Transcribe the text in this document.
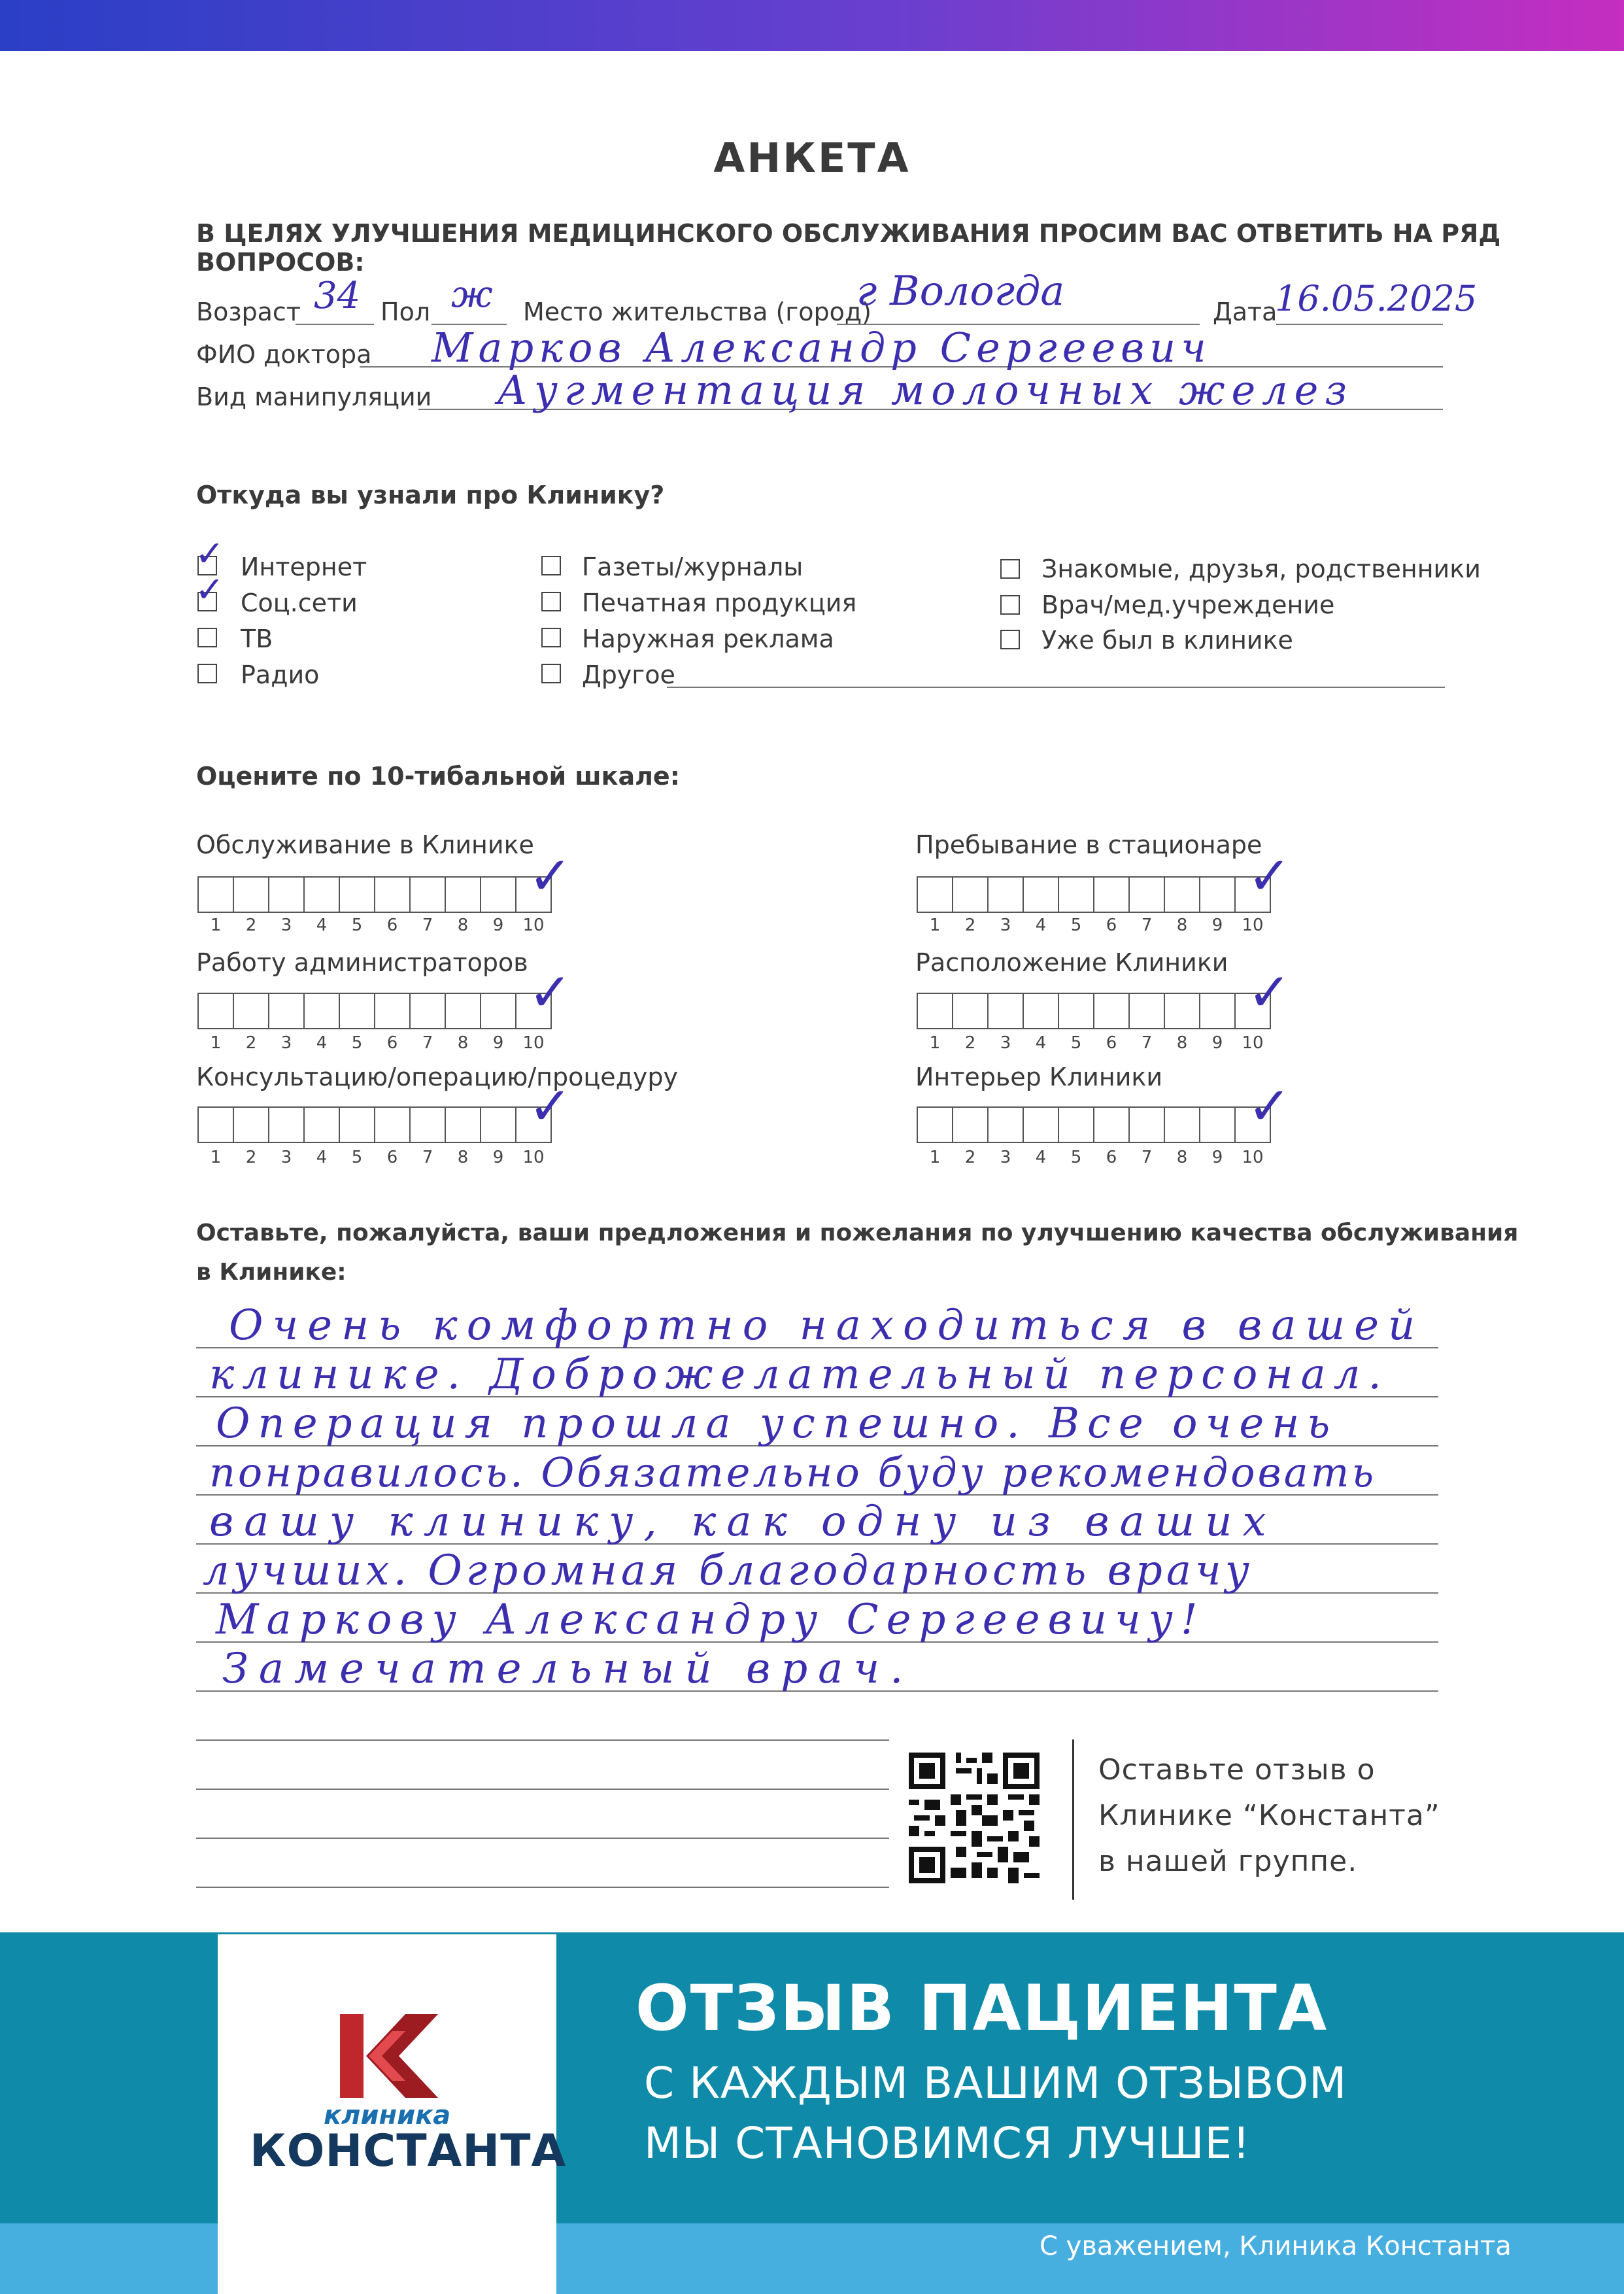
АНКЕТА
В ЦЕЛЯХ УЛУЧШЕНИЯ МЕДИЦИНСКОГО ОБСЛУЖИВАНИЯ ПРОСИМ ВАС ОТВЕТИТЬ НА РЯД ВОПРОСОВ:
Возраст 34 Пол ж Место жительства (город)
г Вологда	Дата
16.05.2025
ФИО доктора Марков Александр Сергеевич
Вид манипуляции Аугментация молочных желез
Откуда вы узнали про Клинику?
✓ Интернет
✓ Соц.сети
ТВ
Радио
Газеты/журналы
Печатная продукция
Наружная реклама
Другое
Знакомые, друзья, родственники
Врач/мед.учреждение
Уже был в клинике
Оцените по 10-тибальной шкале:
Обслуживание в Клинике
1	2	3	4	5	6	7	8	9	10
✓
Работу администраторов
1	2	3	4	5	6	7	8	9	10
✓
Консультацию/операцию/процедуру
1	2	3	4	5	6	7	8	9	10
✓
Пребывание в стационаре
1	2	3	4	5	6	7	8	9	10
✓
Расположение Клиники
1	2	3	4	5	6	7	8	9	10
✓
Интерьер Клиники
1	2	3	4	5	6	7	8	9	10
✓
Оставьте, пожалуйста, ваши предложения и пожелания по улучшению качества обслуживания
в Клинике:
Очень комфортно находиться в вашей
клинике. Доброжелательный персонал.
Операция прошла успешно. Все очень
понравилось. Обязательно буду рекомендовать
вашу клинику, как одну из ваших
лучших. Огромная благодарность врачу
Маркову Александру Сергеевичу!
Замечательный врач.
Оставьте отзыв о
Клинике “Константа”
в нашей группе.
клиника
КОНСТАНТА
ОТЗЫВ ПАЦИЕНТА
С КАЖДЫМ ВАШИМ ОТЗЫВОМ
МЫ СТАНОВИМСЯ ЛУЧШЕ!
С уважением, Клиника Константа
